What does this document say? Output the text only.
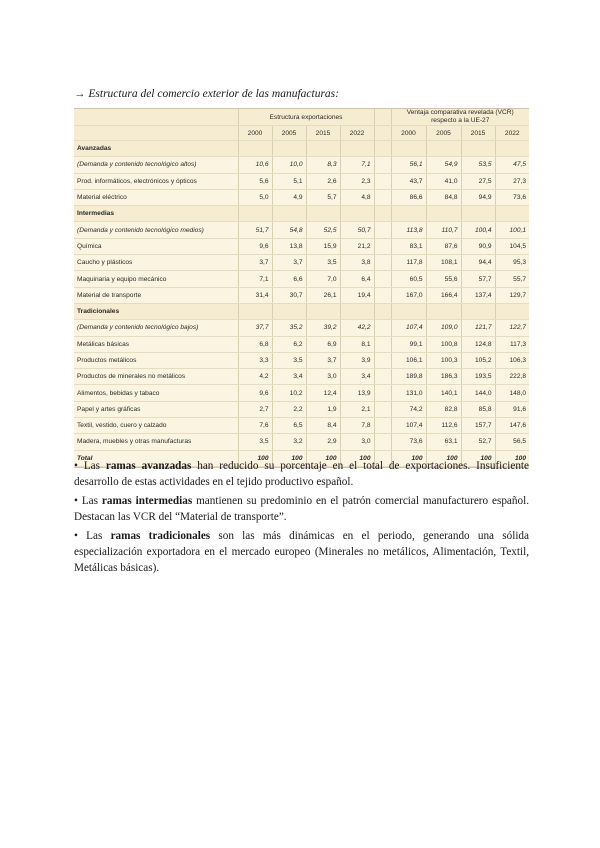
→ Estructura del comercio exterior de las manufacturas:
	Estructura exportaciones					Ventaja comparativa revelada (VCR) respecto a la UE-27			
	2000	2005	2015	2022		2000	2005	2015	2022
Avanzadas									
(Demanda y contenido tecnológico altos)	10,6	10,0	8,3	7,1		56,1	54,9	53,5	47,5
Prod. informáticos, electrónicos y ópticos	5,6	5,1	2,6	2,3		43,7	41,0	27,5	27,3
Material eléctrico	5,0	4,9	5,7	4,8		86,6	84,8	94,9	73,6
Intermedias									
(Demanda y contenido tecnológico medios)	51,7	54,8	52,5	50,7		113,8	110,7	100,4	100,1
Química	9,6	13,8	15,9	21,2		83,1	87,6	90,9	104,5
Caucho y plásticos	3,7	3,7	3,5	3,8		117,8	108,1	94,4	95,3
Maquinaria y equipo mecánico	7,1	6,6	7,0	6,4		60,5	55,6	57,7	55,7
Material de transporte	31,4	30,7	26,1	19,4		167,0	166,4	137,4	129,7
Tradicionales									
(Demanda y contenido tecnológico bajos)	37,7	35,2	39,2	42,2		107,4	109,0	121,7	122,7
Metálicas básicas	6,8	6,2	6,9	8,1		99,1	100,8	124,8	117,3
Productos metálicos	3,3	3,5	3,7	3,9		106,1	100,3	105,2	106,3
Productos de minerales no metálicos	4,2	3,4	3,0	3,4		189,8	186,3	193,5	222,8
Alimentos, bebidas y tabaco	9,6	10,2	12,4	13,9		131,0	140,1	144,0	148,0
Papel y artes gráficas	2,7	2,2	1,9	2,1		74,2	82,8	85,8	91,6
Textil, vestido, cuero y calzado	7,6	6,5	8,4	7,8		107,4	112,6	157,7	147,6
Madera, muebles y otras manufacturas	3,5	3,2	2,9	3,0		73,6	63,1	52,7	56,5
Total	100	100	100	100		100	100	100	100
• Las ramas avanzadas han reducido su porcentaje en el total de exportaciones. Insuficiente desarrollo de estas actividades en el tejido productivo español.
• Las ramas intermedias mantienen su predominio en el patrón comercial manufacturero español. Destacan las VCR del “Material de transporte”.
• Las ramas tradicionales son las más dinámicas en el periodo, generando una sólida especialización exportadora en el mercado europeo (Minerales no metálicos, Alimentación, Textil, Metálicas básicas).
